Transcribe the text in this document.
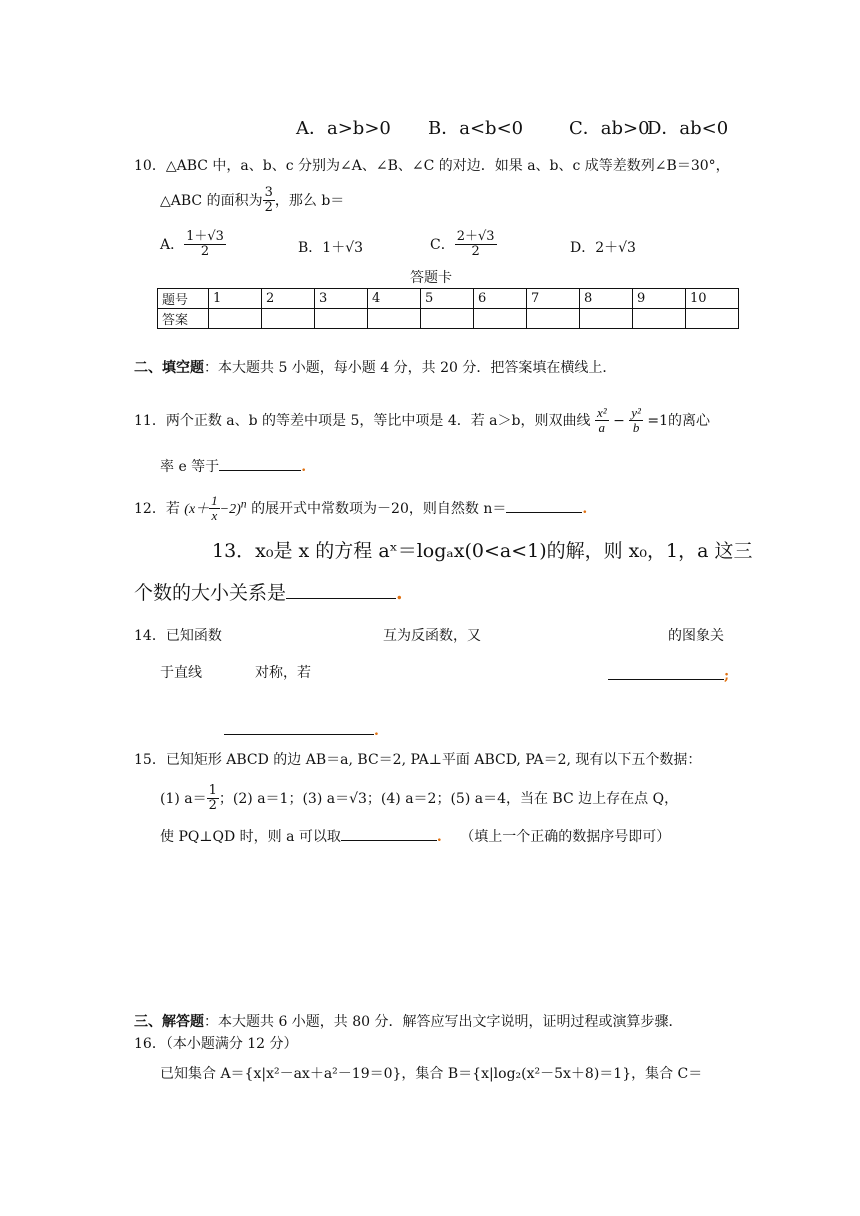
A．a>b>0 B．a<b<0	C．ab>0
D．ab<0
10．△ABC 中，a、b、c 分别为∠A、∠B、∠C 的对边．如果 a、b、c 成等差数列∠B＝30°，
△ABC 的面积为 $\frac{3}{2}$ ，那么 b＝
A． $\frac{1+√3}{2}$	B．1＋√3	C． $\frac{2+√3}{2}$	D．2＋√3
答题卡
题号	1	2	3	4	5	6	7	8	9	10
答案										
二、填空题：本大题共 5 小题，每小题 4 分，共 20 分．把答案填在横线上．
11．两个正数 a、b 的等差中项是 5，等比中项是 4．若 a＞b，则双曲线 $\frac{\text{x²}}{a} - \frac{\text{y²}}{b} =1$的离心
率 e 等于	.
12．若 $(x+ \frac{1}{x} -2)^n$ 的展开式中常数项为－20，则自然数 n＝	.
13．x₀是 x 的方程 aˣ＝logₐx(0<a<1)的解，则 x₀，1，a 这三
个数的大小关系是	.
14．已知函数	互为反函数，又	的图象关
于直线	对称，若	;
.
15．已知矩形 ABCD 的边 AB＝a, BC＝2, PA⊥平面 ABCD, PA＝2, 现有以下五个数据：
(1) $a= \frac{1}{2}$ ；(2) a＝1；(3) a＝√3；(4) a＝2；(5) a＝4，当在 BC 边上存在点 Q，
使 PQ⊥QD 时，则 a 可以取	. （填上一个正确的数据序号即可）
三、解答题：本大题共 6 小题，共 80 分．解答应写出文字说明，证明过程或演算步骤．
16．（本小题满分 12 分）
已知集合 A＝{x|x²－ax＋a²－19＝0}，集合 B＝{x|log₂(x²－5x＋8)＝1}，集合 C＝
